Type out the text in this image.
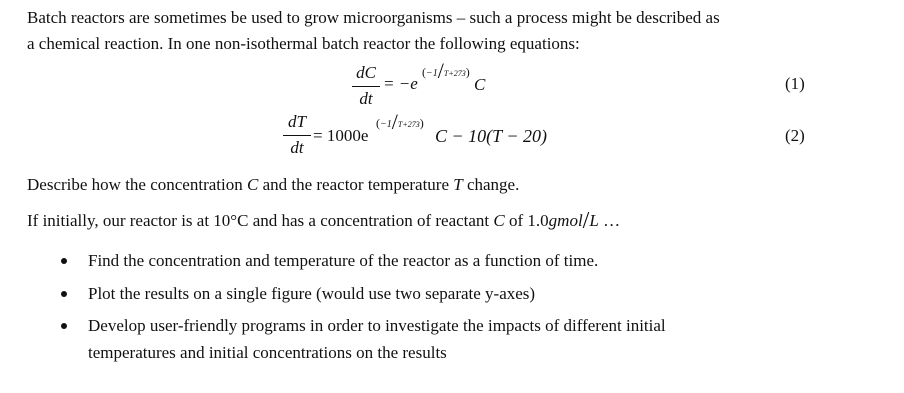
Batch reactors are sometimes be used to grow microorganisms – such a process might be described as
a chemical reaction. In one non-isothermal batch reactor the following equations:
dC
dt
= −e
(−1/T+273)
C	(1)
dT
dt
= 1000e
(−1/T+273)
C − 10(T − 20)	(2)
Describe how the concentration C and the reactor temperature T change.
If initially, our reactor is at 10°C and has a concentration of reactant C of 1.0gmol/L …
Find the concentration and temperature of the reactor as a function of time.
Plot the results on a single figure (would use two separate y-axes)
Develop user-friendly programs in order to investigate the impacts of different initial
temperatures and initial concentrations on the results
